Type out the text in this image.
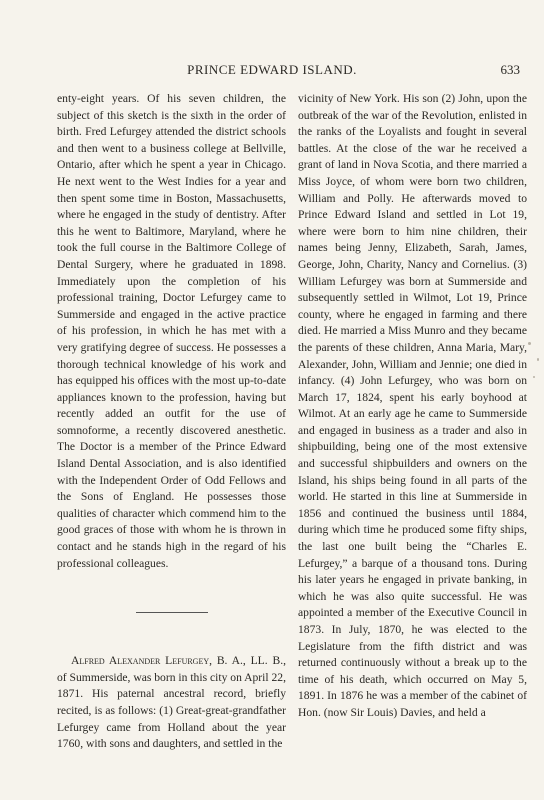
PRINCE EDWARD ISLAND.	633

enty-eight years. Of his seven children, the subject of this sketch is the sixth in the order of birth. Fred Lefurgey attended the district schools and then went to a business college at Bellville, Ontario, after which he spent a year in Chicago. He next went to the West Indies for a year and then spent some time in Boston, Massachusetts, where he engaged in the study of dentistry. After this he went to Baltimore, Maryland, where he took the full course in the Baltimore College of Dental Surgery, where he graduated in 1898. Immediately upon the completion of his professional training, Doctor Lefurgey came to Summerside and engaged in the active practice of his profession, in which he has met with a very gratifying degree of success. He possesses a thorough technical knowledge of his work and has equipped his offices with the most up-to-date appliances known to the profession, having but recently added an outfit for the use of somnoforme, a recently discovered anesthetic. The Doctor is a member of the Prince Edward Island Dental Association, and is also identified with the Independent Order of Odd Fellows and the Sons of England. He possesses those qualities of character which commend him to the good graces of those with whom he is thrown in contact and he stands high in the regard of his professional colleagues.

Alfred Alexander Lefurgey, B. A., LL. B., of Summerside, was born in this city on April 22, 1871. His paternal ancestral record, briefly recited, is as follows: (1) Great-great-grandfather Lefurgey came from Holland about the year 1760, with sons and daughters, and settled in the

vicinity of New York. His son (2) John, upon the outbreak of the war of the Revolution, enlisted in the ranks of the Loyalists and fought in several battles. At the close of the war he received a grant of land in Nova Scotia, and there married a Miss Joyce, of whom were born two children, William and Polly. He afterwards moved to Prince Edward Island and settled in Lot 19, where were born to him nine children, their names being Jenny, Elizabeth, Sarah, James, George, John, Charity, Nancy and Cornelius. (3) William Lefurgey was born at Summerside and subsequently settled in Wilmot, Lot 19, Prince county, where he engaged in farming and there died. He married a Miss Munro and they became the parents of these children, Anna Maria, Mary, Alexander, John, William and Jennie; one died in infancy. (4) John Lefurgey, who was born on March 17, 1824, spent his early boyhood at Wilmot. At an early age he came to Summerside and engaged in business as a trader and also in shipbuilding, being one of the most extensive and successful shipbuilders and owners on the Island, his ships being found in all parts of the world. He started in this line at Summerside in 1856 and continued the business until 1884, during which time he produced some fifty ships, the last one built being the “Charles E. Lefurgey,” a barque of a thousand tons. During his later years he engaged in private banking, in which he was also quite successful. He was appointed a member of the Executive Council in 1873. In July, 1870, he was elected to the Legislature from the fifth district and was returned continuously without a break up to the time of his death, which occurred on May 5, 1891. In 1876 he was a member of the cabinet of Hon. (now Sir Louis) Davies, and held a
